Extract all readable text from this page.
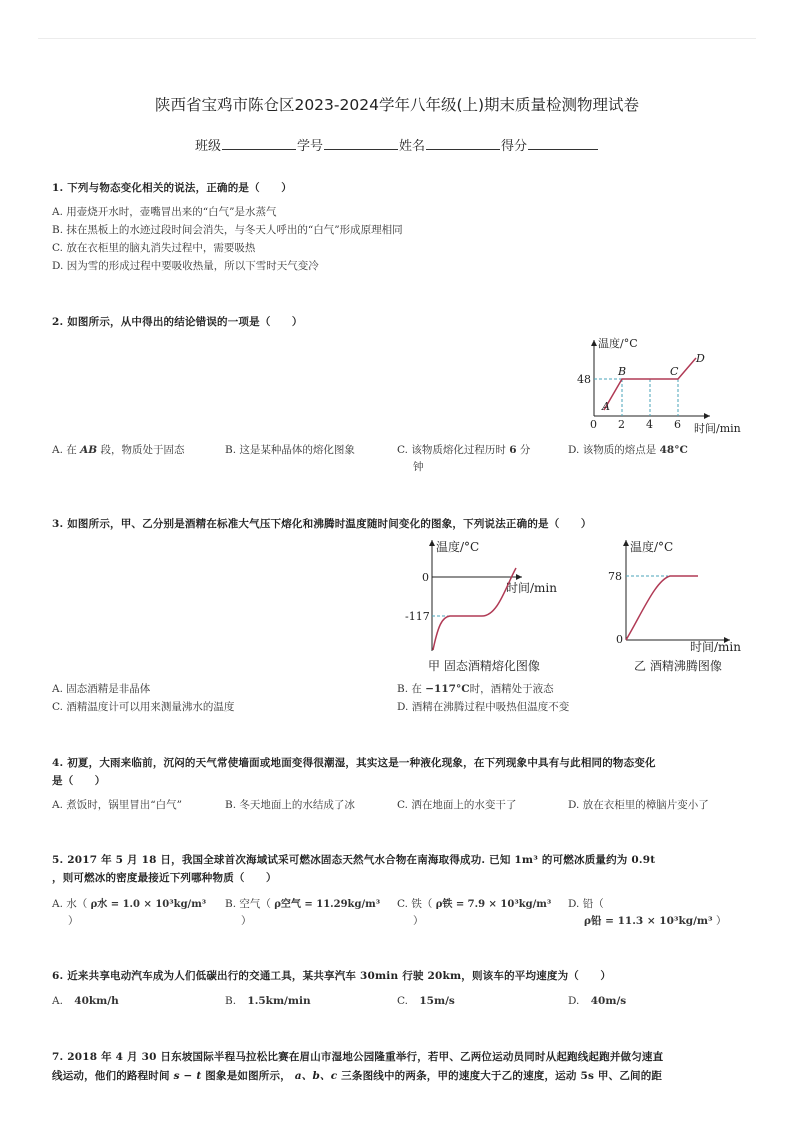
陕西省宝鸡市陈仓区2023-2024学年八年级(上)期末质量检测物理试卷
班级	学号	姓名	得分
1. 下列与物态变化相关的说法，正确的是（　　）
A. 用壶烧开水时，壶嘴冒出来的“白气”是水蒸气
B. 抹在黑板上的水迹过段时间会消失，与冬天人呼出的“白气”形成原理相同
C. 放在衣柜里的脑丸消失过程中，需要吸热
D. 因为雪的形成过程中要吸收热量，所以下雪时天气变冷
2. 如图所示，从中得出的结论错误的一项是（　　）
温度/°C
时间/min
48
0 2 4 6
A
B	C
D
A. 在 AB 段，物质处于固态	B. 这是某种晶体的熔化图象	C. 该物质熔化过程历时 6 分
钟
D. 该物质的熔点是 48°C
3. 如图所示，甲、乙分别是酒精在标准大气压下熔化和沸腾时温度随时间变化的图象，下列说法正确的是（　　）
温度/°C
时间/min
0
-117
甲 固态酒精熔化图像
温度/°C
时间/min
78
0
乙 酒精沸腾图像
A. 固态酒精是非晶体	B. 在 −117°C时，酒精处于液态
C. 酒精温度计可以用来测量沸水的温度	D. 酒精在沸腾过程中吸热但温度不变
4. 初夏，大雨来临前，沉闷的天气常使墙面或地面变得很潮湿，其实这是一种液化现象，在下列现象中具有与此相同的物态变化
是（　　）
A. 煮饭时，锅里冒出“白气”	B. 冬天地面上的水结成了冰	C. 洒在地面上的水变干了	D. 放在衣柜里的樟脑片变小了
5. 2017 年 5 月 18 日，我国全球首次海域试采可燃冰固态天然气水合物在南海取得成功. 已知 1m³ 的可燃冰质量约为 0.9t
，则可燃冰的密度最接近下列哪种物质（　　）
A. 水（ ρ水 = 1.0 × 10³kg/m³
）
B. 空气（ ρ空气 = 11.29kg/m³
）
C. 铁（ ρ铁 = 7.9 × 10³kg/m³
）
D. 铅（
ρ铅 = 11.3 × 10³kg/m³ ）
6. 近来共享电动汽车成为人们低碳出行的交通工具，某共享汽车 30min 行驶 20km，则该车的平均速度为（　　）
A. 40km/h	B. 1.5km/min	C. 15m/s	D. 40m/s
7. 2018 年 4 月 30 日东坡国际半程马拉松比赛在眉山市湿地公园隆重举行，若甲、乙两位运动员同时从起跑线起跑并做匀速直
线运动，他们的路程时间 s − t 图象是如图所示， a、b、c 三条图线中的两条，甲的速度大于乙的速度，运动 5s 甲、乙间的距
